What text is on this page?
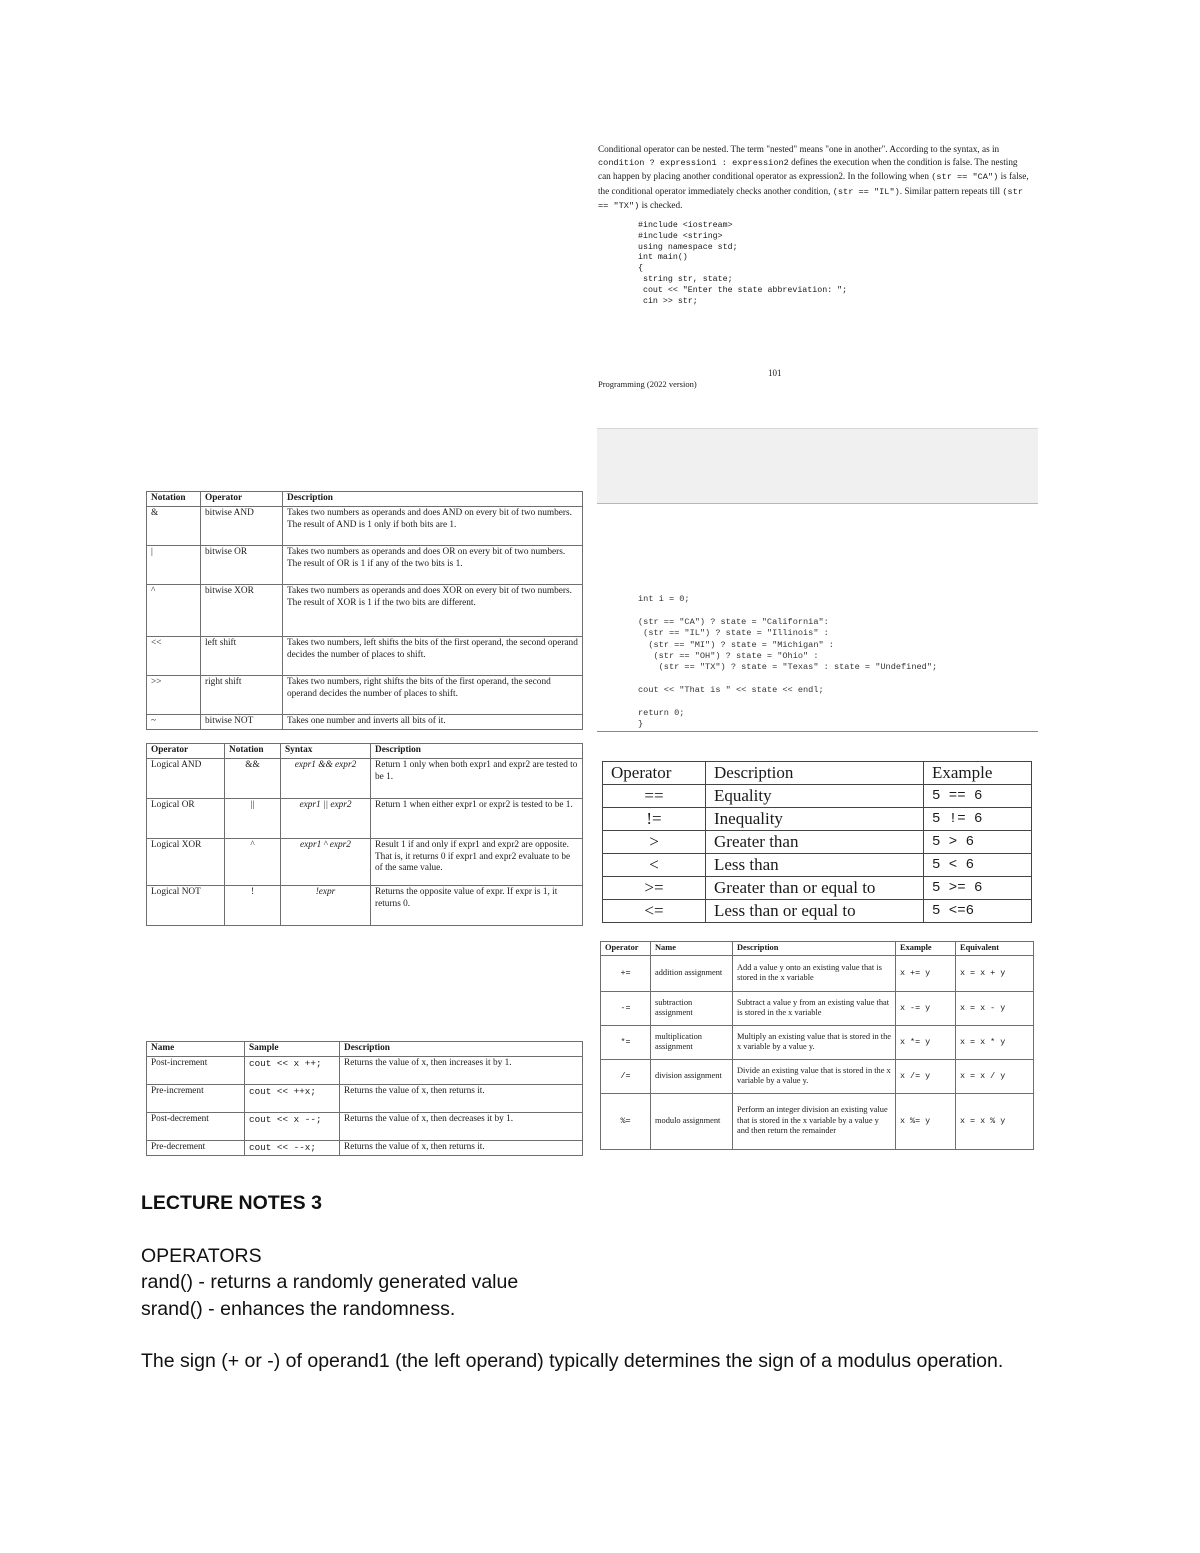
Conditional operator can be nested. The term "nested" means "one in another". According to the syntax, as in condition ? expression1 : expression2 defines the execution when the condition is false. The nesting can happen by placing another conditional operator as expression2. In the following when (str == "CA") is false, the conditional operator immediately checks another condition, (str == "IL"). Similar pattern repeats till (str == "TX") is checked.

#include <iostream>
#include <string>
using namespace std;
int main()
{
string str, state;
cout << "Enter the state abbreviation: ";
cin >> str;
101
Programming (2022 version)
int i = 0;

(str == "CA") ? state = "California":
(str == "IL") ? state = "Illinois" :
(str == "MI") ? state = "Michigan" :
(str == "OH") ? state = "Ohio" :
(str == "TX") ? state = "Texas" : state = "Undefined";

cout << "That is " << state << endl;

return 0;
}
Notation	Operator	Description
&	bitwise AND	Takes two numbers as operands and does AND on every bit of two numbers. The result of AND is 1 only if both bits are 1.
|	bitwise OR	Takes two numbers as operands and does OR on every bit of two numbers. The result of OR is 1 if any of the two bits is 1.
^	bitwise XOR	Takes two numbers as operands and does XOR on every bit of two numbers. The result of XOR is 1 if the two bits are different.
<<	left shift	Takes two numbers, left shifts the bits of the first operand, the second operand decides the number of places to shift.
>>	right shift	Takes two numbers, right shifts the bits of the first operand, the second operand decides the number of places to shift.
~	bitwise NOT	Takes one number and inverts all bits of it.
Operator	Notation	Syntax	Description
Logical AND	&&	expr1 && expr2	Return 1 only when both expr1 and expr2 are tested to be 1.
Logical OR	||	expr1 || expr2	Return 1 when either expr1 or expr2 is tested to be 1.
Logical XOR	^	expr1 ^ expr2	Result 1 if and only if expr1 and expr2 are opposite. That is, it returns 0 if expr1 and expr2 evaluate to be of the same value.
Logical NOT	!	!expr	Returns the opposite value of expr. If expr is 1, it returns 0.
Name	Sample	Description
Post-increment	cout << x ++;	Returns the value of x, then increases it by 1.
Pre-increment	cout << ++x;	Returns the value of x, then returns it.
Post-decrement	cout << x --;	Returns the value of x, then decreases it by 1.
Pre-decrement	cout << --x;	Returns the value of x, then returns it.
Operator	Description	Example
==	Equality	5 == 6
!=	Inequality	5 != 6
>	Greater than	5 > 6
<	Less than	5 < 6
>=	Greater than or equal to	5 >= 6
<=	Less than or equal to	5 <=6
Operator	Name	Description	Example	Equivalent
+=	addition assignment	Add a value y onto an existing value that is stored in the x variable	x += y	x = x + y
-=	subtraction assignment	Subtract a value y from an existing value that is stored in the x variable	x -= y	x = x - y
*=	multiplication assignment	Multiply an existing value that is stored in the x variable by a value y.	x *= y	x = x * y
/=	division assignment	Divide an existing value that is stored in the x variable by a value y.	x /= y	x = x / y
%=	modulo assignment	Perform an integer division an existing value that is stored in the x variable by a value y and then return the remainder	x %= y	x = x % y

LECTURE NOTES 3

OPERATORS

rand() - returns a randomly generated value

srand() - enhances the randomness.

The sign (+ or -) of operand1 (the left operand) typically determines the sign of a modulus operation.
